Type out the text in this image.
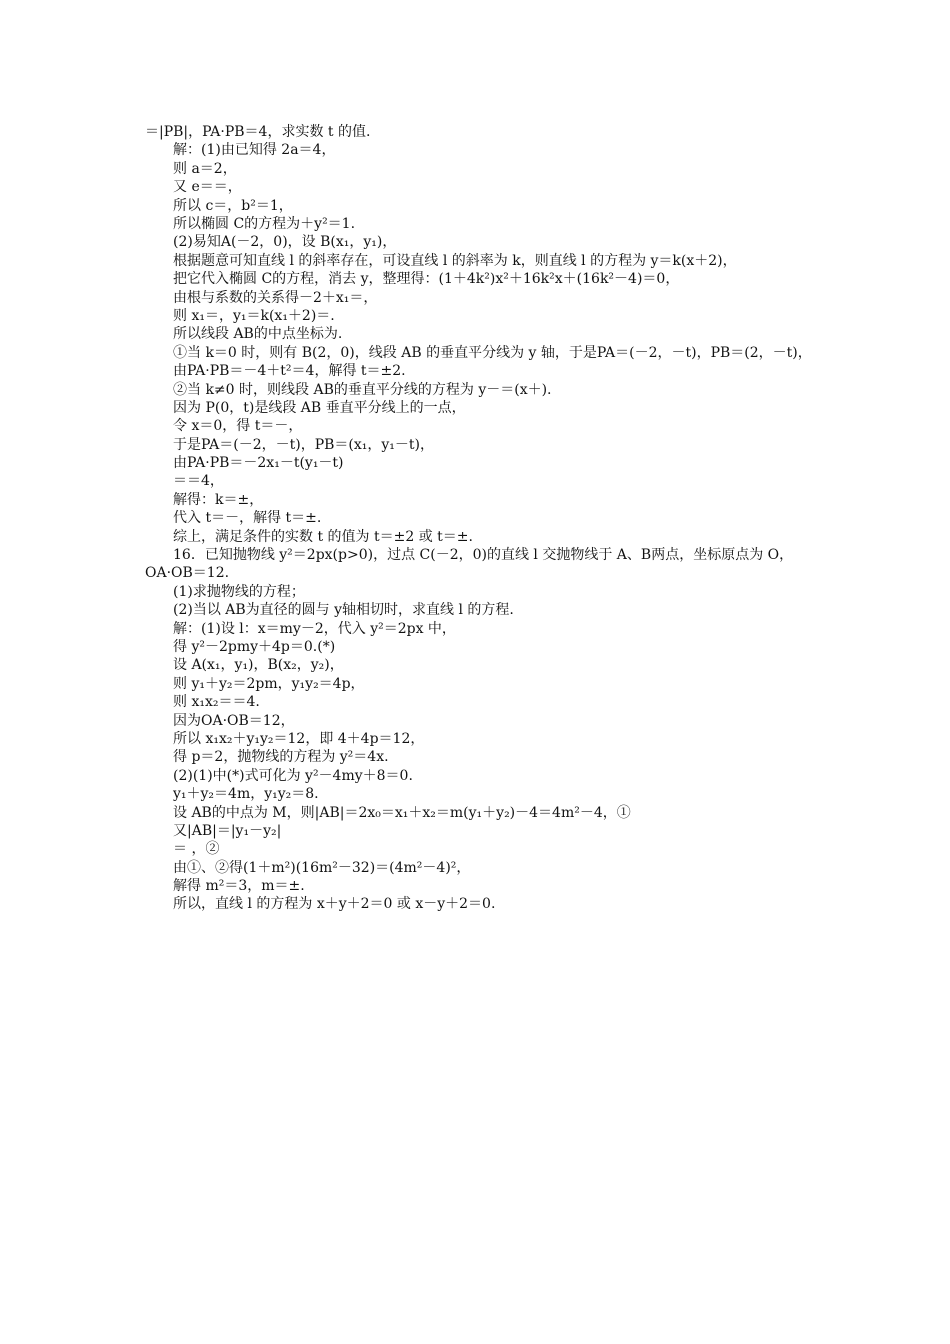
＝|PB|，PA·PB＝4，求实数 t 的值.
解：(1)由已知得 2a＝4，
则 a＝2，
又 e＝＝，
所以 c＝，b²＝1，
所以椭圆 C的方程为＋y²＝1.
(2)易知A(－2，0)，设 B(x₁，y₁)，
根据题意可知直线 l 的斜率存在，可设直线 l 的斜率为 k，则直线 l 的方程为 y＝k(x＋2)，
把它代入椭圆 C的方程，消去 y，整理得：(1＋4k²)x²＋16k²x＋(16k²－4)＝0，
由根与系数的关系得－2＋x₁＝，
则 x₁＝，y₁＝k(x₁＋2)＝.
所以线段 AB的中点坐标为.
①当 k＝0 时，则有 B(2，0)，线段 AB 的垂直平分线为 y 轴，于是PA＝(－2，－t)，PB＝(2，－t)，
由PA·PB＝－4＋t²＝4，解得 t＝±2.
②当 k≠0 时，则线段 AB的垂直平分线的方程为 y－＝(x＋).
因为 P(0，t)是线段 AB 垂直平分线上的一点，
令 x＝0，得 t＝－，
于是PA＝(－2，－t)，PB＝(x₁，y₁－t)，
由PA·PB＝－2x₁－t(y₁－t)
＝＝4，
解得：k＝±，
代入 t＝－，解得 t＝±.
综上，满足条件的实数 t 的值为 t＝±2 或 t＝±.
16．已知抛物线 y²＝2px(p>0)，过点 C(－2，0)的直线 l 交抛物线于 A、B两点，坐标原点为 O，OA·OB＝12.
(1)求抛物线的方程；
(2)当以 AB为直径的圆与 y轴相切时，求直线 l 的方程.
解：(1)设 l：x＝my－2，代入 y²＝2px 中，
得 y²－2pmy＋4p＝0.(*)
设 A(x₁，y₁)，B(x₂，y₂)，
则 y₁＋y₂＝2pm，y₁y₂＝4p，
则 x₁x₂＝＝4.
因为OA·OB＝12，
所以 x₁x₂＋y₁y₂＝12，即 4＋4p＝12，
得 p＝2，抛物线的方程为 y²＝4x.
(2)(1)中(*)式可化为 y²－4my＋8＝0.
y₁＋y₂＝4m，y₁y₂＝8.
设 AB的中点为 M，则|AB|＝2x₀＝x₁＋x₂＝m(y₁＋y₂)－4＝4m²－4，①
又|AB|＝|y₁－y₂|
＝ ，②
由①、②得(1＋m²)(16m²－32)＝(4m²－4)²，
解得 m²＝3，m＝±.
所以，直线 l 的方程为 x＋y＋2＝0 或 x－y＋2＝0.
